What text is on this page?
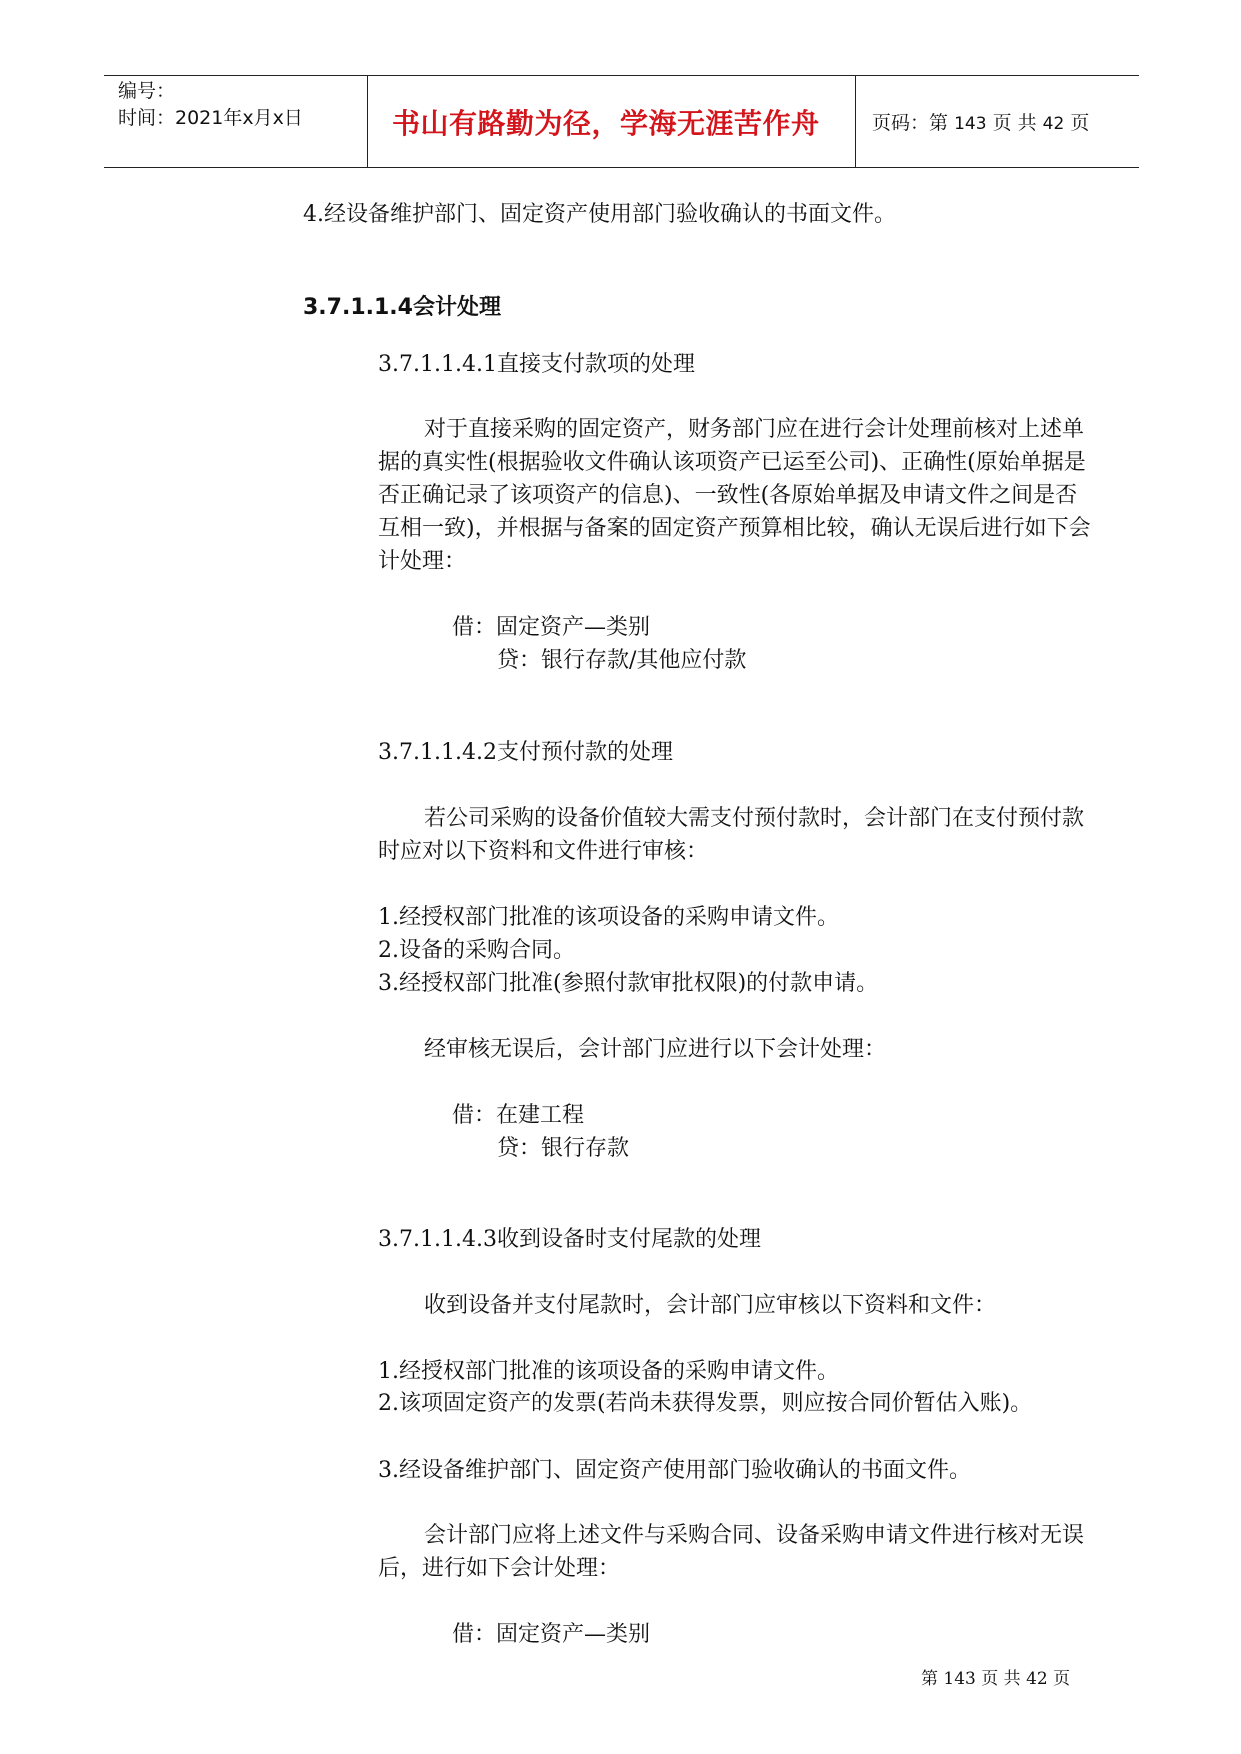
编号：
时间：2021年x月x日	书山有路勤为径，学海无涯苦作舟	页码：第 143 页 共 42 页
4.经设备维护部门、固定资产使用部门验收确认的书面文件。
3.7.1.1.4会计处理
3.7.1.1.4.1直接支付款项的处理
对于直接采购的固定资产，财务部门应在进行会计处理前核对上述单据的真实性(根据验收文件确认该项资产已运至公司)、正确性(原始单据是否正确记录了该项资产的信息)、一致性(各原始单据及申请文件之间是否互相一致)，并根据与备案的固定资产预算相比较，确认无误后进行如下会计处理：
借：固定资产—类别
贷：银行存款/其他应付款
3.7.1.1.4.2支付预付款的处理
若公司采购的设备价值较大需支付预付款时，会计部门在支付预付款时应对以下资料和文件进行审核：
1.经授权部门批准的该项设备的采购申请文件。
2.设备的采购合同。
3.经授权部门批准(参照付款审批权限)的付款申请。
经审核无误后，会计部门应进行以下会计处理：
借：在建工程
贷：银行存款
3.7.1.1.4.3收到设备时支付尾款的处理
收到设备并支付尾款时，会计部门应审核以下资料和文件：
1.经授权部门批准的该项设备的采购申请文件。
2.该项固定资产的发票(若尚未获得发票，则应按合同价暂估入账)。
3.经设备维护部门、固定资产使用部门验收确认的书面文件。
会计部门应将上述文件与采购合同、设备采购申请文件进行核对无误后，进行如下会计处理：
借：固定资产—类别
第 143 页 共 42 页
